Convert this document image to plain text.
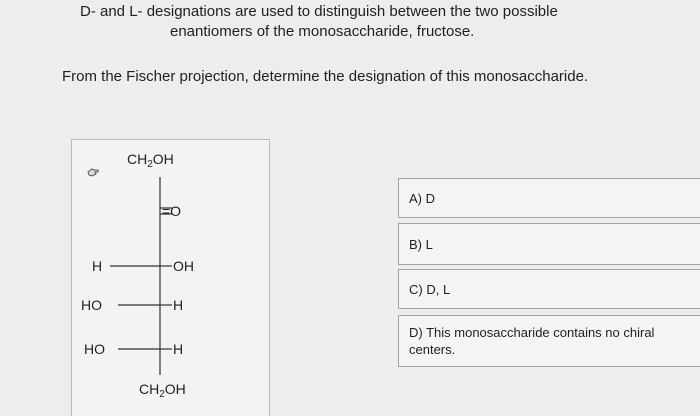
D- and L- designations are used to distinguish between the two possible
enantiomers of the monosaccharide, fructose.
From the Fischer projection, determine the designation of this monosaccharide.
$CH_2OH$
=O
H	OH
HO	H
HO	H
$CH_2OH$
A) D
B) L
C) D, L
D) This monosaccharide contains no chiral centers.
